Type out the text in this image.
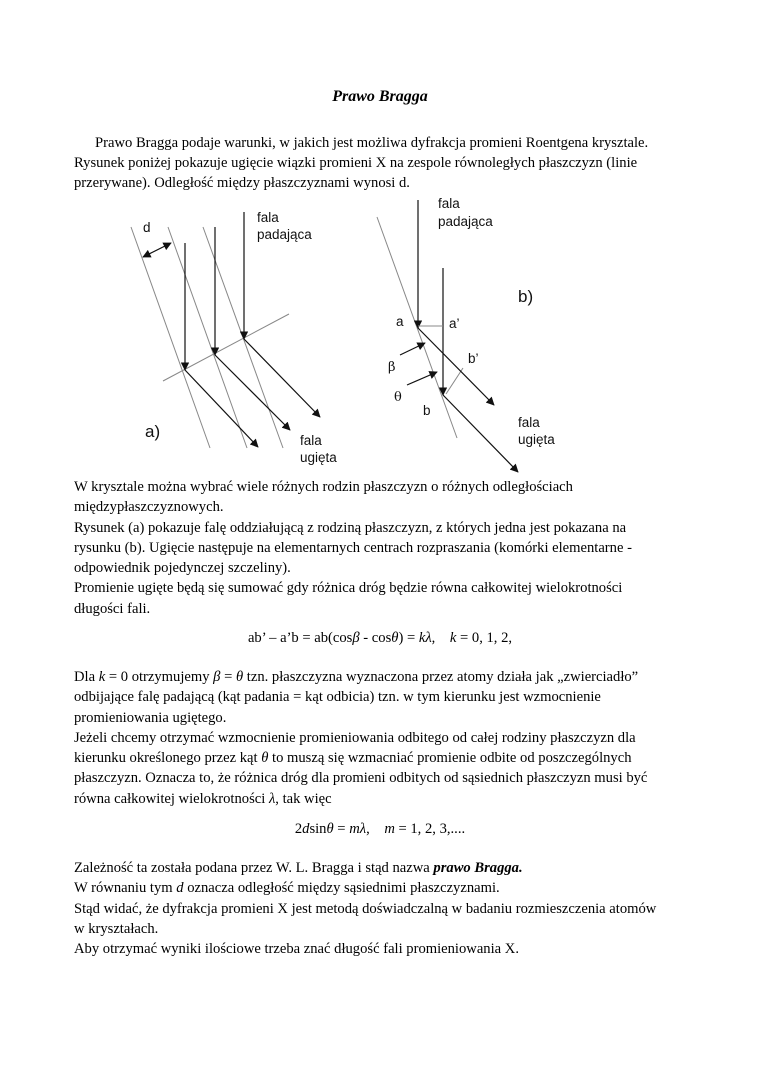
Prawo Bragga
Prawo Bragga podaje warunki, w jakich jest możliwa dyfrakcja promieni Roentgena krysztale.
Rysunek poniżej pokazuje ugięcie wiązki promieni X na zespole równoległych płaszczyzn (linie
przerywane). Odległość między płaszczyznami wynosi d.
d
fala
padająca
a)	fala
ugięta
fala
padająca
b)
a	a’
β
b’
θ
b
fala
ugięta
W krysztale można wybrać wiele różnych rodzin płaszczyzn o różnych odległościach
międzypłaszczyznowych.
Rysunek (a) pokazuje falę oddziałującą z rodziną płaszczyzn, z których jedna jest pokazana na
rysunku (b). Ugięcie następuje na elementarnych centrach rozpraszania (komórki elementarne -
odpowiednik pojedynczej szczeliny).
Promienie ugięte będą się sumować gdy różnica dróg będzie równa całkowitej wielokrotności
długości fali.
ab’ – a’b = ab(cosβ - cosθ) = kλ,    k = 0, 1, 2,
Dla k = 0 otrzymujemy β = θ tzn. płaszczyzna wyznaczona przez atomy działa jak „zwierciadło”
odbijające falę padającą (kąt padania = kąt odbicia) tzn. w tym kierunku jest wzmocnienie
promieniowania ugiętego.
Jeżeli chcemy otrzymać wzmocnienie promieniowania odbitego od całej rodziny płaszczyzn dla
kierunku określonego przez kąt θ to muszą się wzmacniać promienie odbite od poszczególnych
płaszczyzn. Oznacza to, że różnica dróg dla promieni odbitych od sąsiednich płaszczyzn musi być
równa całkowitej wielokrotności λ, tak więc
2dsinθ = mλ,    m = 1, 2, 3,....
Zależność ta została podana przez W. L. Bragga i stąd nazwa prawo Bragga.
W równaniu tym d oznacza odległość między sąsiednimi płaszczyznami.
Stąd widać, że dyfrakcja promieni X jest metodą doświadczalną w badaniu rozmieszczenia atomów
w kryształach.
Aby otrzymać wyniki ilościowe trzeba znać długość fali promieniowania X.
